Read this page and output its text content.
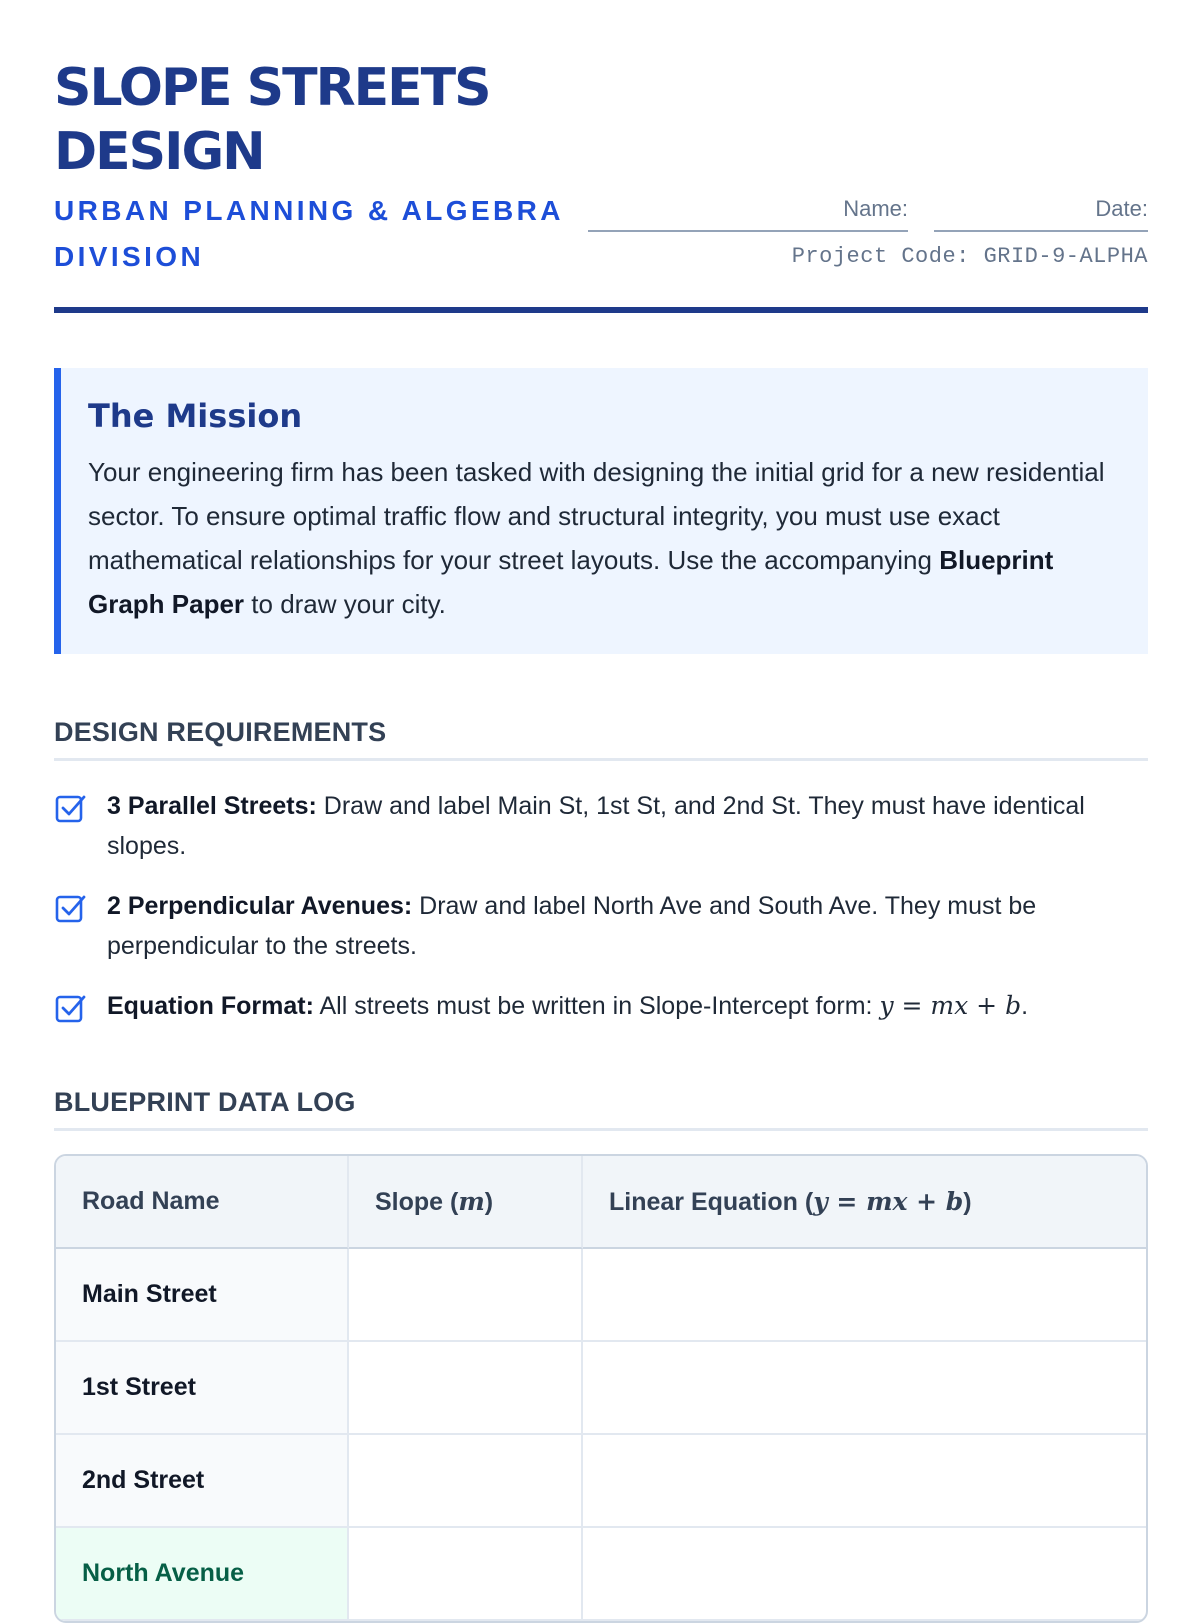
SLOPE STREETS DESIGN
URBAN PLANNING & ALGEBRA DIVISION
Name:	Date:
Project Code: GRID-9-ALPHA
The Mission

Your engineering firm has been tasked with designing the initial grid for a new residential sector. To ensure optimal traffic flow and structural integrity, you must use exact mathematical relationships for your street layouts. Use the accompanying Blueprint Graph Paper to draw your city.

DESIGN REQUIREMENTS
3 Parallel Streets: Draw and label Main St, 1st St, and 2nd St. They must have identical slopes.
2 Perpendicular Avenues: Draw and label North Ave and South Ave. They must be perpendicular to the streets.
Equation Format: All streets must be written in Slope-Intercept form: y = mx + b.
BLUEPRINT DATA LOG
Road Name	Slope (m)	Linear Equation (y = mx + b)
Main Street		
1st Street		
2nd Street		
North Avenue		
